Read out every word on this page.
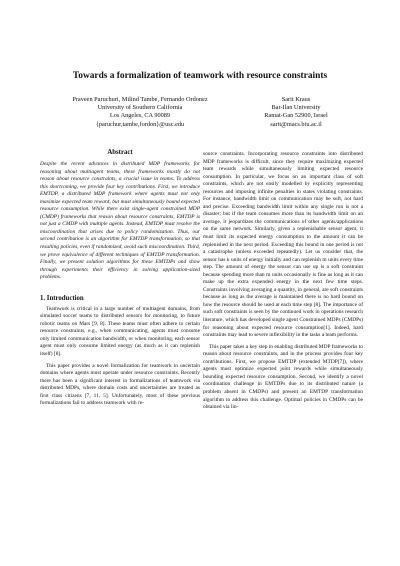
Towards a formalization of teamwork with resource constraints
Praveen Paruchuri, Milind Tambe, Fernando Ordonez
University of Southern California
Los Angeles, CA 90089
{paruchur,tambe,fordon}@usc.edu
Sarit Kraus
Bar-Ilan University
Ramat-Gan 52900, Israel
sarit@macs.biu.ac.il
Abstract

Despite the recent advances in distributed MDP frameworks for reasoning about multiagent teams, these frameworks mostly do not reason about resource constraints, a crucial issue in teams. To address this shortcoming, we provide four key contributions. First, we introduce EMTDP, a distributed MDP framework where agents must not only maximize expected team reward, but must simultaneously bound expected resource consumption. While there exist single-agent constrained MDP (CMDP) frameworks that reason about resource constraints, EMTDP is not just a CMDP with multiple agents. Instead, EMTDP must resolve the miscoordination that arises due to policy randomization. Thus, our second contribution is an algorithm for EMTDP transformation, so that resulting policies, even if randomized, avoid such miscoordination. Third, we prove equivalence of different techniques of EMTDP transformation. Finally, we present solution algorithms for these EMTDPs and show through experiments their efficiency in solving application-sized problems.

1. Introduction

Teamwork is critical in a large number of multiagent domains, from simulated soccer teams to distributed sensors for monitoring, to future robotic teams on Mars [9, 8]. These teams must often adhere to certain resource constraints, e.g., when communicating, agents must consume only limited communication bandwidth, or when monitoring, each sensor agent must only consume limited energy (as much as it can replenish itself) [8].

This paper provides a novel formalization for teamwork in uncertain domains where agents must operate under resource constraints. Recently there has been a significant interest in formalizations of teamwork via distributed MDPs, where domain costs and uncertainties are treated as first class citizens [7, 11, 5]. Unfortunately, most of these previous formalizations fail to address teamwork with re-

source constraints. Incorporating resource constraints into distributed MDP frameworks is difficult, since they require maximizing expected team rewards while simultaneously limiting expected resource consumption. In particular, we focus on an important class of soft constraints, which are not easily modelled by explicitly representing resources and imposing infinite penalties in states violating constraints. For instance, bandwidth limit on communication may be soft, not hard and precise. Exceeding bandwidth limit within any single run is not a disaster; but if the team consumes more than its bandwidth limit on an average, it jeopardizes the communications of other agents/applications on the same network. Similarly, given a replenishable sensor agent, it must limit its expected energy consumption to the amount it can be replenished in the next period. Exceeding this bound in one period is not a catastrophe (unless exceeded repeatedly). Let us consider that, the sensor has k units of energy initially and can replenish m units every time step. The amount of energy the sensor can use up is a soft constraint because spending more than m units occasionally is fine as long as it can make up the extra expended energy in the next few time steps. Constraints involving averaging a quantity, in general, are soft constraints because as long as the average is maintained there is no hard bound on how the resource should be used at each time step [8]. The importance of such soft constraints is seen by the continued work in operations research literature, which has developed single agent Constrained MDPs (CMDPs) for reasoning about expected resource consumption[1]. Indeed, hard constraints may lead to severe inflexibility in the tasks a team performs.

This paper takes a key step in enabling distributed MDP frameworks to reason about resource constraints, and in the process provides four key contributions. First, we propose EMTDP (extended MTDP[7]), where agents must optimize expected joint rewards while simultaneously bounding expected resource consumption. Second, we identify a novel coordination challenge in EMTDPs due to its distributed nature (a problem absent in CMDPs) and present an EMTDP transformation algorithm to address this challenge. Optimal policies in CMDPs can be obtained via lin-
